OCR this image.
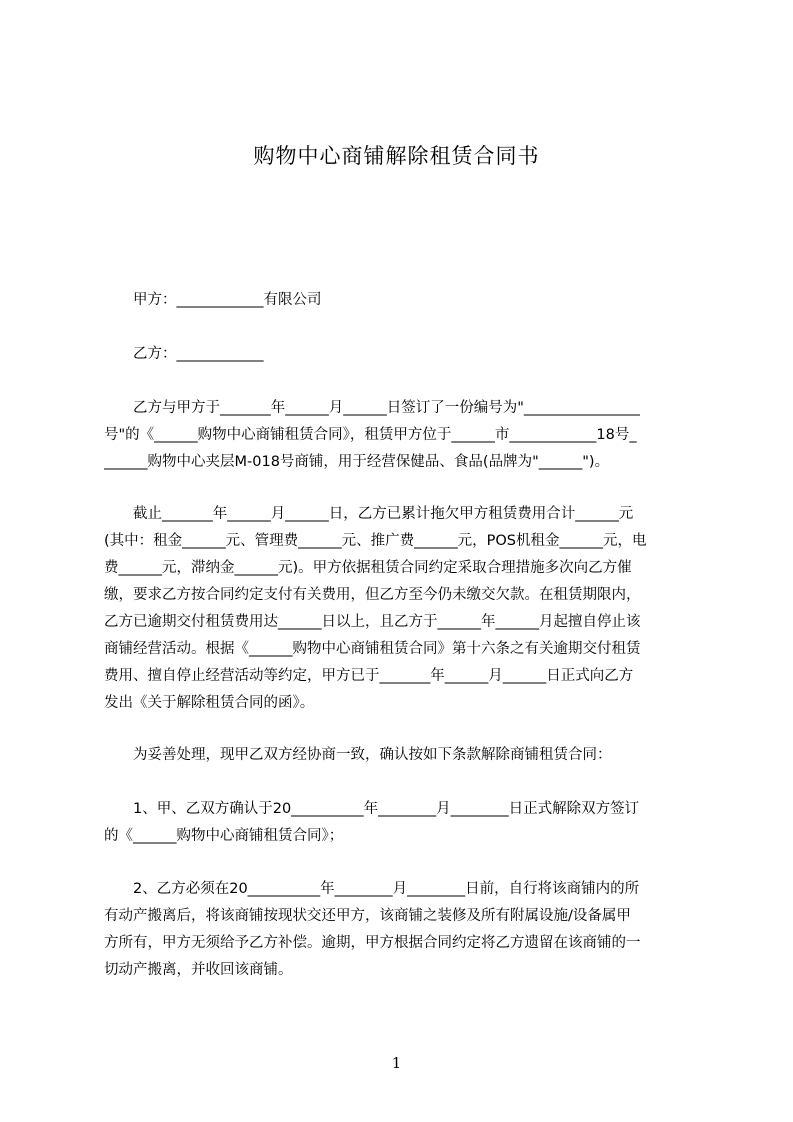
购物中心商铺解除租赁合同书
　　甲方：____________有限公司
　　乙方：____________
　　乙方与甲方于_______年______月______日签订了一份编号为"________________
号"的《______购物中心商铺租赁合同》，租赁甲方位于______市____________18号_
______购物中心夹层M-018号商铺，用于经营保健品、食品(品牌为"______")。
　　截止_______年______月______日，乙方已累计拖欠甲方租赁费用合计______元
(其中：租金______元、管理费______元、推广费______元，POS机租金______元，电
费______元，滞纳金______元)。甲方依据租赁合同约定采取合理措施多次向乙方催
缴，要求乙方按合同约定支付有关费用，但乙方至今仍未缴交欠款。在租赁期限内，
乙方已逾期交付租赁费用达______日以上，且乙方于______年______月起擅自停止该
商铺经营活动。根据《______购物中心商铺租赁合同》第十六条之有关逾期交付租赁
费用、擅自停止经营活动等约定，甲方已于_______年______月______日正式向乙方
发出《关于解除租赁合同的函》。
　　为妥善处理，现甲乙双方经协商一致，确认按如下条款解除商铺租赁合同：
　　1、甲、乙双方确认于20__________年________月________日正式解除双方签订
的《______购物中心商铺租赁合同》；
　　2、乙方必须在20__________年________月________日前，自行将该商铺内的所
有动产搬离后，将该商铺按现状交还甲方，该商铺之装修及所有附属设施/设备属甲
方所有，甲方无须给予乙方补偿。逾期，甲方根据合同约定将乙方遗留在该商铺的一
切动产搬离，并收回该商铺。
1
